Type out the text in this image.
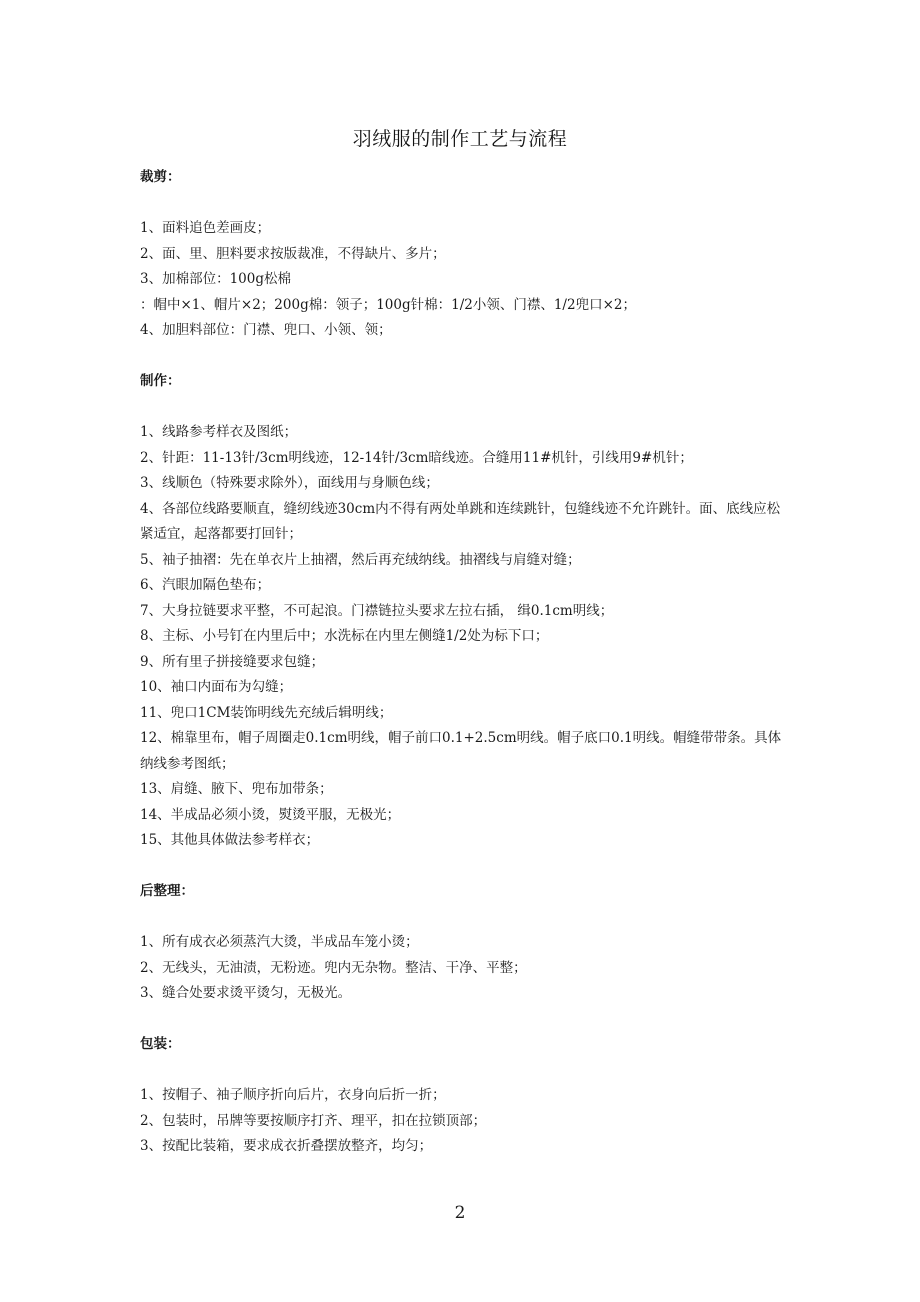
羽绒服的制作工艺与流程
裁剪：
1、面料追色差画皮；
2、面、里、胆料要求按版裁准，不得缺片、多片；
3、加棉部位：100g松棉
：帽中×1、帽片×2；200g棉：领子；100g针棉：1/2小领、门襟、1/2兜口×2；
4、加胆料部位：门襟、兜口、小领、领；
制作：
1、线路参考样衣及图纸；
2、针距：11-13针/3cm明线迹，12-14针/3cm暗线迹。合缝用11#机针，引线用9#机针；
3、线顺色（特殊要求除外），面线用与身顺色线；
4、各部位线路要顺直，缝纫线迹30cm内不得有两处单跳和连续跳针，包缝线迹不允许跳针。面、底线应松紧适宜，起落都要打回针；
5、袖子抽褶：先在单衣片上抽褶，然后再充绒纳线。抽褶线与肩缝对缝；
6、汽眼加隔色垫布；
7、大身拉链要求平整，不可起浪。门襟链拉头要求左拉右插， 缉0.1cm明线；
8、主标、小号钉在内里后中；水洗标在内里左侧缝1/2处为标下口；
9、所有里子拼接缝要求包缝；
10、袖口内面布为勾缝；
11、兜口1CM装饰明线先充绒后辑明线；
12、棉靠里布，帽子周圈走0.1cm明线，帽子前口0.1+2.5cm明线。帽子底口0.1明线。帽缝带带条。具体纳线参考图纸；
13、肩缝、腋下、兜布加带条；
14、半成品必须小烫，熨烫平服，无极光；
15、其他具体做法参考样衣；
后整理：
1、所有成衣必须蒸汽大烫，半成品车笼小烫；
2、无线头，无油渍，无粉迹。兜内无杂物。整洁、干净、平整；
3、缝合处要求烫平烫匀，无极光。
包装：
1、按帽子、袖子顺序折向后片，衣身向后折一折；
2、包装时，吊牌等要按顺序打齐、理平，扣在拉锁顶部；
3、按配比装箱，要求成衣折叠摆放整齐，均匀；
2
